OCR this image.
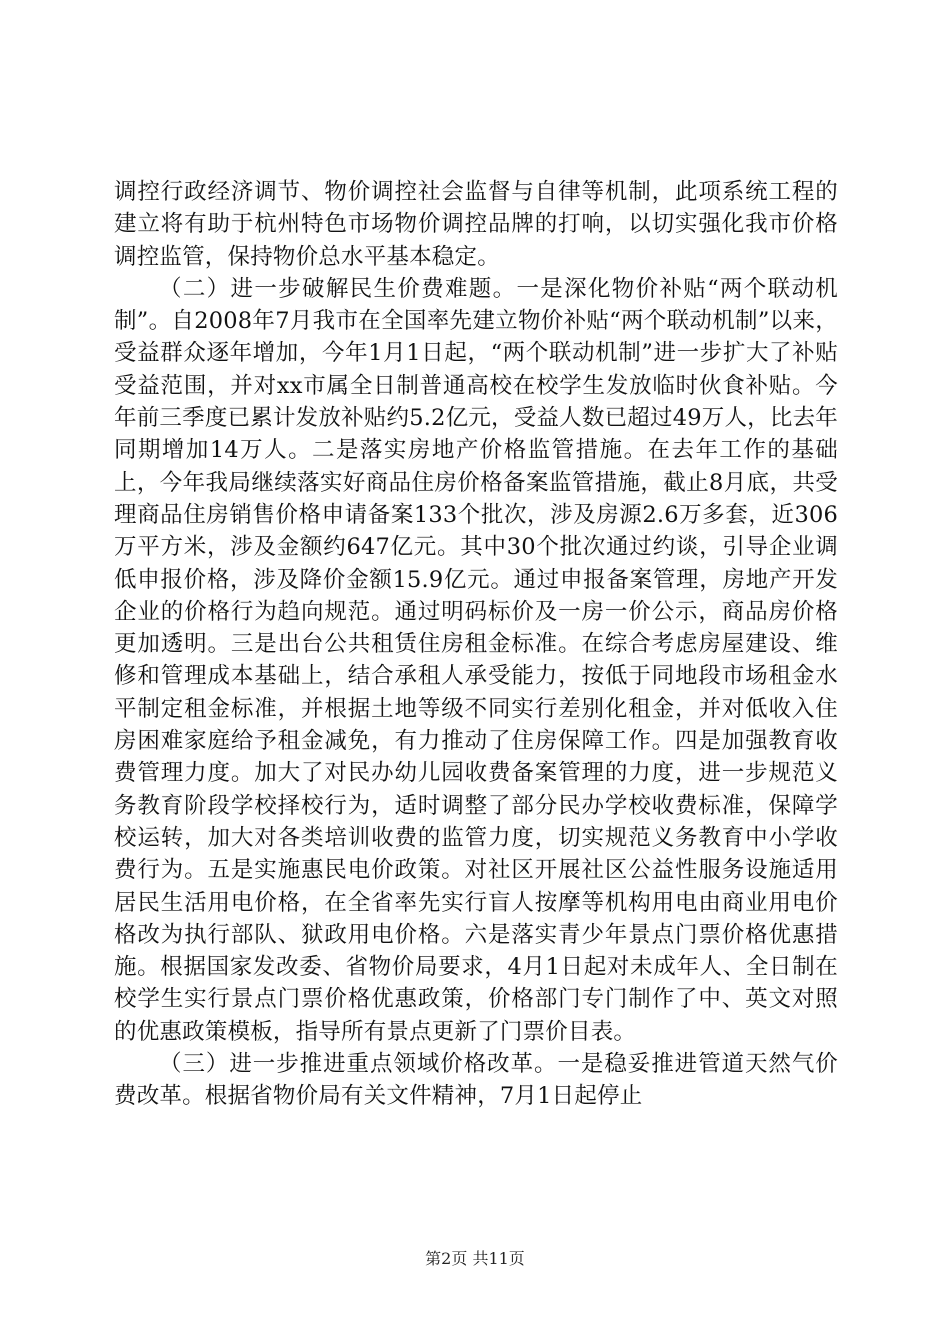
调控行政经济调节、物价调控社会监督与自律等机制，此项系统工程的建立将有助于杭州特色市场物价调控品牌的打响，以切实强化我市价格调控监管，保持物价总水平基本稳定。

（二）进一步破解民生价费难题。一是深化物价补贴“两个联动机制”。自2008年7月我市在全国率先建立物价补贴“两个联动机制”以来，受益群众逐年增加，今年1月1日起，“两个联动机制”进一步扩大了补贴受益范围，并对xx市属全日制普通高校在校学生发放临时伙食补贴。今年前三季度已累计发放补贴约5.2亿元，受益人数已超过49万人，比去年同期增加14万人。二是落实房地产价格监管措施。在去年工作的基础上，今年我局继续落实好商品住房价格备案监管措施，截止8月底，共受理商品住房销售价格申请备案133个批次，涉及房源2.6万多套，近306万平方米，涉及金额约647亿元。其中30个批次通过约谈，引导企业调低申报价格，涉及降价金额15.9亿元。通过申报备案管理，房地产开发企业的价格行为趋向规范。通过明码标价及一房一价公示，商品房价格更加透明。三是出台公共租赁住房租金标准。在综合考虑房屋建设、维修和管理成本基础上，结合承租人承受能力，按低于同地段市场租金水平制定租金标准，并根据土地等级不同实行差别化租金，并对低收入住房困难家庭给予租金减免，有力推动了住房保障工作。四是加强教育收费管理力度。加大了对民办幼儿园收费备案管理的力度，进一步规范义务教育阶段学校择校行为，适时调整了部分民办学校收费标准，保障学校运转，加大对各类培训收费的监管力度，切实规范义务教育中小学收费行为。五是实施惠民电价政策。对社区开展社区公益性服务设施适用居民生活用电价格，在全省率先实行盲人按摩等机构用电由商业用电价格改为执行部队、狱政用电价格。六是落实青少年景点门票价格优惠措施。根据国家发改委、省物价局要求，4月1日起对未成年人、全日制在校学生实行景点门票价格优惠政策，价格部门专门制作了中、英文对照的优惠政策模板，指导所有景点更新了门票价目表。

（三）进一步推进重点领域价格改革。一是稳妥推进管道天然气价费改革。根据省物价局有关文件精神，7月1日起停止

第2页 共11页
